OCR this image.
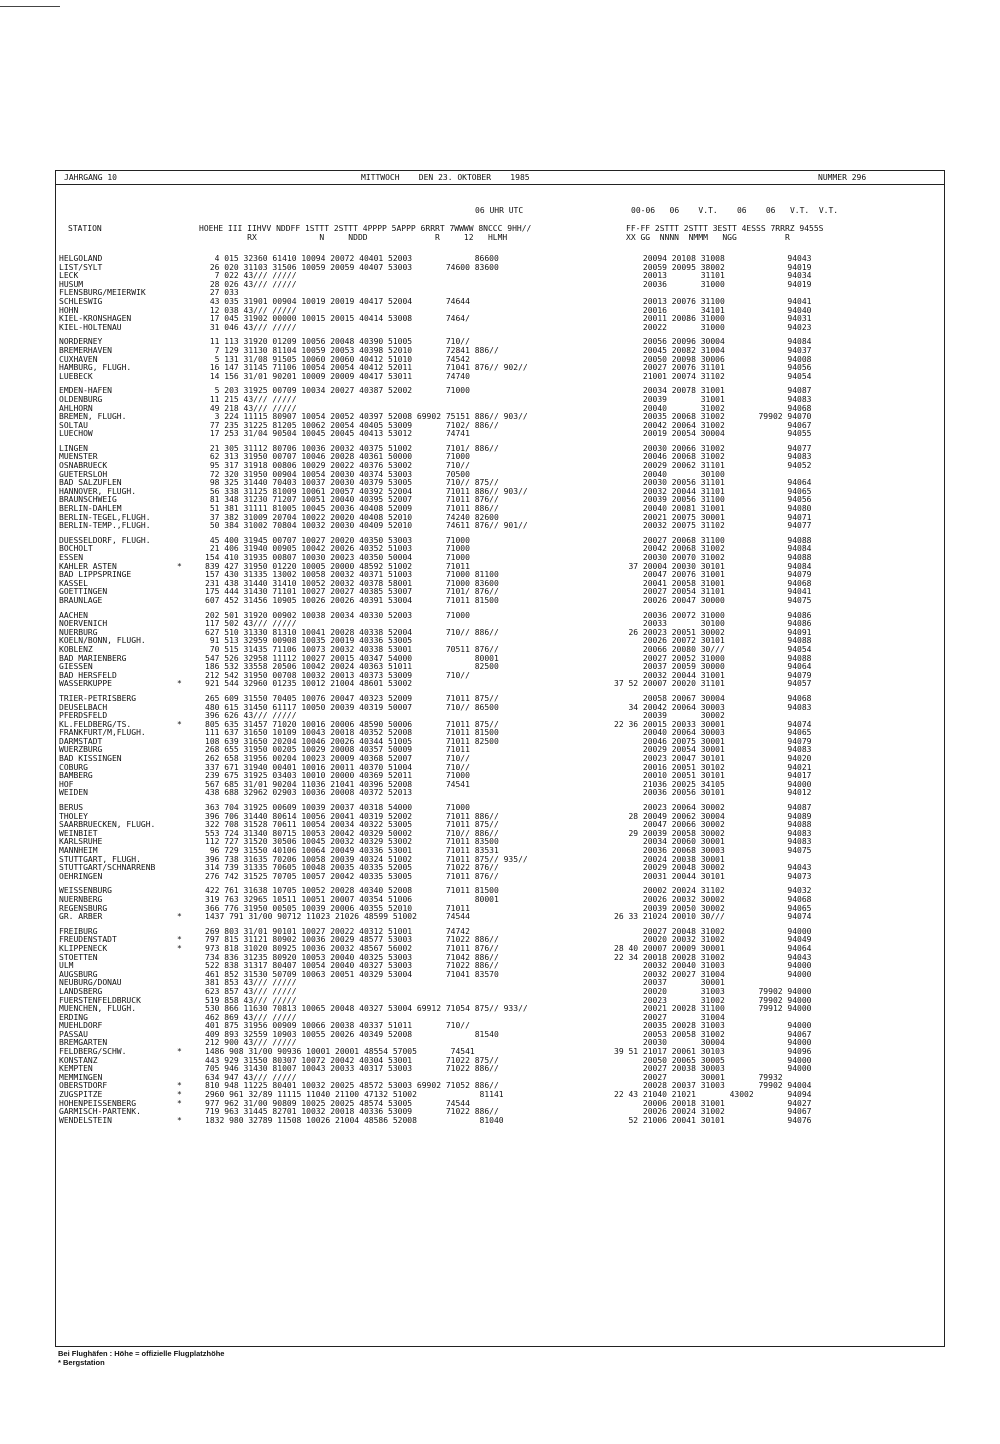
JAHRGANG 10

	MITTWOCH    DEN 23. OKTOBER    1985

	NUMMER 296

06 UHR UTC	00-06   06    V.T.    06    06   V.T.  V.T.
STATION	HOEHE III IIHVV NDDFF 1STTT 2STTT 4PPPP 5APPP 6RRRT 7WWWW 8NCCC 9HH//	FF-FF 2STTT 2STTT 3ESTT 4ESSS 7RRRZ 9455S
RX             N     NDDD              R     12   HLMH	XX GG  NNNN  NMMM   NGG          R
HELGOLAND	4 015 32360 61410 10094 20072 40401 52003             86600	20094 20108 31008             94043
LIST/SYLT	26 020 31103 31506 10059 20059 40407 53003       74600 83600	20059 20095 38002             94019
LECK	7 022 43/// /////	20013       31101             94034
HUSUM	28 026 43/// /////	20036       31000             94019
FLENSBURG/MEIERWIK	27 033
SCHLESWIG	43 035 31901 00904 10019 20019 40417 52004       74644	20013 20076 31100             94041
HOHN	12 038 43/// /////	20016       34101             94040
KIEL-KRONSHAGEN	17 045 31902 00000 10015 20015 40414 53008       7464/	20011 20086 31000             94031
KIEL-HOLTENAU	31 046 43/// /////	20022       31000             94023
NORDERNEY	11 113 31920 01209 10056 20048 40390 51005       710//	20056 20096 30004             94084
BREMERHAVEN	7 129 31130 81104 10059 20053 40398 52010       72841 886//	20045 20082 31004             94037
CUXHAVEN	5 131 31/08 91505 10060 20060 40412 51010       74542	20050 20098 30006             94008
HAMBURG, FLUGH.	16 147 31145 71106 10054 20054 40412 52011       71041 876// 902//	20027 20076 31101             94056
LUEBECK	14 156 31/01 90201 10009 20009 40417 53011       74740	21001 20074 31102             94054
EMDEN-HAFEN	5 203 31925 00709 10034 20027 40387 52002       71000	20034 20078 31001             94087
OLDENBURG	11 215 43/// /////	20039       31001             94083
AHLHORN	49 218 43/// /////	20040       31002             94068
BREMEN, FLUGH.	3 224 11115 80907 10054 20052 40397 52008 69902 75151 886// 903//	20035 20068 31002       79902 94070
SOLTAU	77 235 31225 81205 10062 20054 40405 53009       7102/ 886//	20042 20064 31002             94067
LUECHOW	17 253 31/04 90504 10045 20045 40413 53012       74741	20019 20054 30004             94055
LINGEN	21 305 31112 80706 10036 20032 40375 51002       7101/ 886//	20030 20066 31002             94077
MUENSTER	62 313 31950 00707 10046 20028 40361 50000       71000	20046 20068 31002             94083
OSNABRUECK	95 317 31918 00806 10029 20022 40376 53002       710//	20029 20062 31101             94052
GUETERSLOH	72 320 31950 00904 10054 20030 40374 53003       70500	20040       30100
BAD SALZUFLEN	98 325 31440 70403 10037 20030 40379 53005       710// 875//	20030 20056 31101             94064
HANNOVER, FLUGH.	56 338 31125 81009 10061 20057 40392 52004       71011 886// 903//	20032 20044 31101             94065
BRAUNSCHWEIG	81 348 31230 71207 10051 20040 40395 52007       71011 876//	20039 20056 31100             94056
BERLIN-DAHLEM	51 381 31111 81005 10045 20036 40408 52009       71011 886//	20040 20081 31001             94080
BERLIN-TEGEL,FLUGH.	37 382 31009 20704 10022 20020 40408 52010       74240 82600	20021 20075 30001             94071
BERLIN-TEMP.,FLUGH.	50 384 31002 70804 10032 20030 40409 52010       74611 876// 901//	20032 20075 31102             94077
DUESSELDORF, FLUGH.	45 400 31945 00707 10027 20020 40350 53003       71000	20027 20068 31100             94088
BOCHOLT	21 406 31940 00905 10042 20026 40352 51003       71000	20042 20068 31002             94084
ESSEN	154 410 31935 00807 10030 20023 40350 50004       71000	20030 20070 31002             94088
KAHLER ASTEN	*	839 427 31950 01220 10005 20000 48592 51002       71011	37 20004 20030 30101             94084
BAD LIPPSPRINGE	157 430 31335 13002 10058 20032 40371 51003       71000 81100	20047 20076 31001             94079
KASSEL	231 438 31440 31410 10052 20032 40378 58001       71000 83600	20041 20058 31001             94068
GOETTINGEN	175 444 31430 71101 10027 20027 40385 53007       7101/ 876//	20027 20054 31101             94041
BRAUNLAGE	607 452 31456 10905 10026 20026 40391 53004       71011 81500	20026 20047 30000             94075
AACHEN	202 501 31920 00902 10038 20034 40330 52003       71000	20036 20072 31000             94086
NOERVENICH	117 502 43/// /////	20033       30100             94086
NUERBURG	627 510 31330 81310 10041 20028 40338 52004       710// 886//	26 20023 20051 30002             94091
KOELN/BONN, FLUGH.	91 513 32959 00908 10035 20019 40336 53005	20026 20072 30101             94088
KOBLENZ	70 515 31435 71106 10073 20032 40338 53001       70511 876//	20066 20080 30///             94054
BAD MARIENBERG	547 526 32958 11112 10027 20015 40347 54000             80001	20027 20052 31000             94088
GIESSEN	186 532 33558 20506 10042 20024 40363 51011             82500	20037 20059 30000             94064
BAD HERSFELD	212 542 31950 00708 10032 20013 40373 53009       710//	20032 20044 31001             94079
WASSERKUPPE	*	921 544 32960 01235 10012 21004 48601 53002	37 52 20007 20020 31101             94057
TRIER-PETRISBERG	265 609 31550 70405 10076 20047 40323 52009       71011 875//	20058 20067 30004             94068
DEUSELBACH	480 615 31450 61117 10050 20039 40319 50007       710// 86500	34 20042 20064 30003             94083
PFERDSFELD	396 626 43/// /////	20039       30002
KL.FELDBERG/TS.	*	805 635 31457 71020 10016 20006 48590 50006       71011 875//	22 36 20015 20033 30001             94074
FRANKFURT/M,FLUGH.	111 637 31650 10109 10043 20018 40352 52008       71011 81500	20040 20064 30003             94065
DARMSTADT	108 639 31650 20204 10046 20026 40344 51005       71011 82500	20046 20075 30001             94079
WUERZBURG	268 655 31950 00205 10029 20008 40357 50009       71011	20029 20054 30001             94083
BAD KISSINGEN	262 658 31956 00204 10023 20009 40368 52007       710//	20023 20047 30101             94020
COBURG	337 671 31940 00401 10016 20011 40370 51004       710//	20016 20051 30102             94021
BAMBERG	239 675 31925 03403 10010 20000 40369 52011       71000	20010 20051 30101             94017
HOF	567 685 31/01 90204 11036 21041 40396 52008       74541	21036 20025 34105             94000
WEIDEN	438 688 32962 02903 10036 20008 40372 52013	20036 20056 30101             94012
BERUS	363 704 31925 00609 10039 20037 40318 54000       71000	20023 20064 30002             94087
THOLEY	396 706 31440 80614 10056 20041 40319 52002       71011 886//	28 20049 20062 30004             94089
SAARBRUECKEN, FLUGH.	322 708 31528 70611 10054 20034 40322 53005       71011 875//	20047 20066 30002             94088
WEINBIET	553 724 31340 80715 10053 20042 40329 50002       710// 886//	29 20039 20058 30002             94083
KARLSRUHE	112 727 31520 30506 10045 20032 40329 53002       71011 83500	20034 20060 30001             94083
MANNHEIM	96 729 31550 40106 10064 20049 40336 53001       71011 83531	20036 20068 30003             94075
STUTTGART, FLUGH.	396 738 31635 70206 10058 20039 40324 51002       71011 875// 935//	20024 20038 30001
STUTTGART/SCHNARRENB	314 739 31335 70605 10048 20035 40335 52005       71022 876//	20029 20048 30002             94043
OEHRINGEN	276 742 31525 70705 10057 20042 40335 53005       71011 876//	20031 20044 30101             94073
WEISSENBURG	422 761 31638 10705 10052 20028 40340 52008       71011 81500	20002 20024 31102             94032
NUERNBERG	319 763 32965 10511 10051 20007 40354 51006             80001	20026 20032 30002             94068
REGENSBURG	366 776 31950 00505 10039 20006 40355 52010       71011	20039 20050 30002             94065
GR. ARBER	*	1437 791 31/00 90712 11023 21026 48599 51002      74544	26 33 21024 20010 30///             94074
FREIBURG	269 803 31/01 90101 10027 20022 40312 51001       74742	20027 20048 31002             94000
FREUDENSTADT	*	797 815 31121 80902 10036 20029 48577 53003       71022 886//	20020 20032 31002             94049
KLIPPENECK	*	973 818 31020 80925 10036 20032 48567 56002       71011 876//	28 40 20007 20009 30001             94064
STOETTEN	734 836 31235 80920 10053 20040 40325 53003       71042 886//	22 34 20018 20028 31002             94043
ULM	522 838 31317 80407 10054 20040 40327 53003       71022 886//	20032 20040 31003             94000
AUGSBURG	461 852 31530 50709 10063 20051 40329 53004       71041 83570	20032 20027 31004             94000
NEUBURG/DONAU	381 853 43/// /////	20037       30001
LANDSBERG	623 857 43/// /////	20020       31003       79902 94000
FUERSTENFELDBRUCK	519 858 43/// /////	20023       31002       79902 94000
MUENCHEN, FLUGH.	530 866 11630 70813 10065 20048 40327 53004 69912 71054 875// 933//	20021 20028 31100       79912 94000
ERDING	462 869 43/// /////	20027       31004
MUEHLDORF	401 875 31956 00909 10066 20038 40337 51011       710//	20035 20028 31003             94000
PASSAU	409 893 32559 10903 10055 20026 40349 52008             81540	20053 20058 31002             94067
BREMGARTEN	212 900 43/// /////	20030       30004             94000
FELDBERG/SCHW.	*	1486 908 31/00 90936 10001 20001 48554 57005       74541	39 51 21017 20061 30103             94096
KONSTANZ	443 929 31550 80307 10072 20042 40304 53001       71022 875//	20050 20065 30005             94000
KEMPTEN	705 946 31430 81007 10043 20033 40317 53003       71022 886//	20027 20038 30003             94000
MEMMINGEN	634 947 43/// /////	20027       30001       79932
OBERSTDORF	*	810 948 11225 80401 10032 20025 48572 53003 69902 71052 886//	20028 20037 31003       79902 94004
ZUGSPITZE	*	2960 961 32/89 11115 11040 21100 47132 51002             81141	22 43 21040 21021       43002       94094
HOHENPEISSENBERG	*	977 962 31/00 90809 10025 20025 48574 53005       74544	20006 20018 31001             94027
GARMISCH-PARTENK.	719 963 31445 82701 10032 20018 40336 53009       71022 886//	20026 20024 31002             94067
WENDELSTEIN	*	1832 980 32789 11508 10026 21004 48586 52008             81040	52 21006 20041 30101             94076
Bei Flughäfen : Höhe = offizielle Flugplatzhöhe
* Bergstation
